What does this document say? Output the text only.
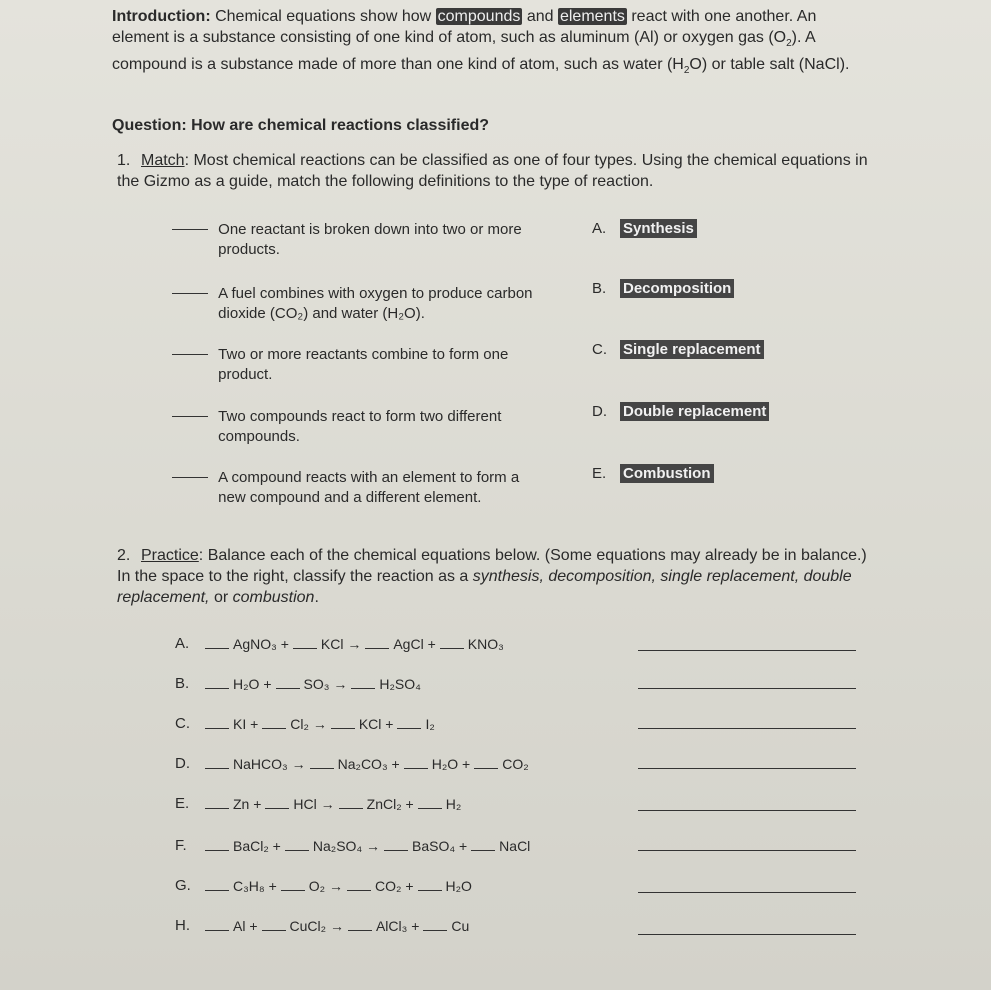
Introduction: Chemical equations show how compounds and elements react with one another. An element is a substance consisting of one kind of atom, such as aluminum (Al) or oxygen gas $(O_2)$. A compound is a substance made of more than one kind of atom, such as water $(H_2O)$ or table salt (NaCl).
Question: How are chemical reactions classified?
1. Match: Most chemical reactions can be classified as one of four types. Using the chemical equations in the Gizmo as a guide, match the following definitions to the type of reaction.
One reactant is broken down into two or more products.
A fuel combines with oxygen to produce carbon dioxide (CO₂) and water (H₂O).
Two or more reactants combine to form one product.
Two compounds react to form two different compounds.
A compound reacts with an element to form a new compound and a different element.
A. Synthesis
B. Decomposition
C. Single replacement
D. Double replacement
E. Combustion
2. Practice: Balance each of the chemical equations below. (Some equations may already be in balance.) In the space to the right, classify the reaction as a synthesis, decomposition, single replacement, double replacement, or combustion.
A.	AgNO₃ + KCl → AgCl + KNO₃
B.	H₂O + SO₃ → H₂SO₄
C.	KI + Cl₂ → KCl + I₂
D.	NaHCO₃ → Na₂CO₃ + H₂O + CO₂
E.	Zn + HCl → ZnCl₂ + H₂
F.	BaCl₂ + Na₂SO₄ → BaSO₄ + NaCl
G.	C₃H₈ + O₂ → CO₂ + H₂O
H.	Al + CuCl₂ → AlCl₃ + Cu
